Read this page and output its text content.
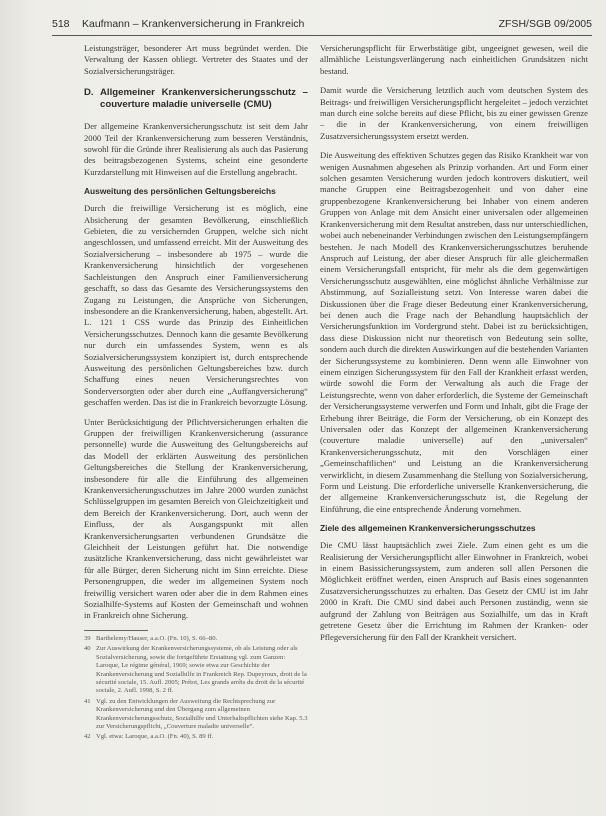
518 Kaufmann – Krankenversicherung in Frankreich	ZFSH/SGB 09/2005

Leistungsträger, besonderer Art muss begründet werden. Die Verwaltung der Kassen obliegt. Vertreter des Staates und der Sozialversicherungsträger.

D. Allgemeiner Krankenversicherungsschutz – couverture maladie universelle (CMU)

Der allgemeine Krankenversicherungsschutz ist seit dem Jahr 2000 Teil der Krankenversicherung zum besseren Verständnis, sowohl für die Gründe ihrer Realisierung als auch das Pasierung des beitragsbezogenen Systems, scheint eine gesonderte Kurzdarstellung mit Hinweisen auf die Erstellung angebracht.

Ausweitung des persönlichen Geltungsbereichs

Durch die freiwillige Versicherung ist es möglich, eine Absicherung der gesamten Bevölkerung, einschließlich Gebieten, die zu versichernden Gruppen, welche sich nicht angeschlossen, und umfassend erreicht. Mit der Ausweitung des Sozialversicherung – insbesondere ab 1975 – wurde die Krankenversicherung hinsichtlich der vorgesehenen Sachleistungen den Anspruch einer Familienversicherung geschafft, so dass das Gesamte des Versicherungssystems den Zugang zu Leistungen, die Ansprüche von Sicherungen, insbesondere an die Krankenversicherung, haben, abgestellt. Art. L. 121 1 CSS wurde das Prinzip des Einheitlichen Versicherungsschutzes. Dennoch kann die gesamte Bevölkerung nur durch ein umfassendes System, wenn es als Sozialversicherungssystem konzipiert ist, durch entsprechende Ausweitung des persönlichen Geltungsbereiches bzw. durch Schaffung eines neuen Versicherungsrechtes von Sonderversorgten oder aber durch eine „Auffangversicherung“ geschaffen werden. Das ist die in Frankreich bevorzugte Lösung.

Unter Berücksichtigung der Pflichtversicherungen erhalten die Gruppen der freiwilligen Krankenversicherung (assurance personnelle) wurde die Ausweitung des Geltungsbereichs auf das Modell der erklärten Ausweitung des persönlichen Geltungsbereiches die Stellung der Krankenversicherung, insbesondere für alle die Einführung des allgemeinen Krankenversicherungsschutzes im Jahre 2000 wurden zunächst Schlüsselgruppen im gesamten Bereich von Gleichzeitigkeit und dem Bereich der Krankenversicherung. Dort, auch wenn der Einfluss, der als Ausgangspunkt mit allen Krankenversicherungsarten verbundenen Grundsätze die Gleichheit der Leistungen geführt hat. Die notwendige zusätzliche Krankenversicherung, dass nicht gewährleistet war für alle Bürger, deren Sicherung nicht im Sinn erreichte. Diese Personengruppen, die weder im allgemeinen System noch freiwillig versichert waren oder aber die in dem Rahmen eines Sozialhilfe-Systems auf Kosten der Gemeinschaft und wohnen in Frankreich ohne Sicherung.

39 Barthelemy/Hauser, a.a.O. (Fn. 10), S. 66–80.
40 Zur Auswirkung der Krankenversicherungssysteme, ob als Leistung oder als Sozialversicherung, sowie die fortgeführte Erstattung vgl. zum Ganzen: Laroque, Le régime général, 1969; sowie etwa zur Geschichte der Krankenversicherung und Sozialhilfe in Frankreich Rep. Dupeyroux, droit de la sécurité sociale, 15. Aufl. 2005; Prétot, Les grands arrêts du droit de la sécurité sociale, 2. Aufl. 1998, S. 2 ff.
41 Vgl. zu den Entwicklungen der Ausweitung die Rechtsprechung zur Krankenversicherung und den Übergang zum allgemeinen Krankenversicherungsschutz, Sozialhilfe und Unterhaltspflichten siehe Kap. 5.3 zur Versicherungspflicht, „Couverture maladie universelle“.
42 Vgl. etwa: Laroque, a.a.O. (Fn. 40), S. 89 ff.

Versicherungspflicht für Erwerbstätige gibt, ungeeignet gewesen, weil die allmähliche Leistungsverlängerung nach einheitlichen Grundsätzen nicht bestand.

Damit wurde die Versicherung letztlich auch vom deutschen System des Beitrags- und freiwilligen Versicherungspflicht hergeleitet – jedoch verzichtet man durch eine solche bereits auf diese Pflicht, bis zu einer gewissen Grenze – die in der Krankenversicherung, von einem freiwilligen Zusatzversicherungssystem ersetzt werden.

Die Ausweitung des effektiven Schutzes gegen das Risiko Krankheit war von wenigen Ausnahmen abgesehen als Prinzip vorhanden. Art und Form einer solchen gesamten Versicherung wurden jedoch kontrovers diskutiert, weil manche Gruppen eine Beitragsbezogenheit und von daher eine gruppenbezogene Krankenversicherung bei Inhaber von einem anderen Gruppen von Anlage mit dem Ansicht einer universalen oder allgemeinen Krankenversicherung mit dem Resultat anstreben, dass nur unterschiedlichen, wobei auch nebeneinander Verbindungen zwischen den Leistungsempfängern bestehen. Je nach Modell des Krankenversicherungsschutzes beruhende Anspruch auf Leistung, der aber dieser Anspruch für alle gleichermaßen einem Versicherungsfall entspricht, für mehr als die dem gegenwärtigen Versicherungsschutz ausgewählten, eine möglichst ähnliche Verhältnisse zur Abstimmung, auf Sozialleistung setzt. Von Interesse waren dabei die Diskussionen über die Frage dieser Bedeutung einer Krankenversicherung, bei denen auch die Frage nach der Behandlung hauptsächlich der Versicherungsfunktion im Vordergrund steht. Dabei ist zu berücksichtigen, dass diese Diskussion nicht nur theoretisch von Bedeutung sein sollte, sondern auch durch die direkten Auswirkungen auf die bestehenden Varianten der Sicherungssysteme zu kombinieren. Denn wenn alle Einwohner von einem einzigen Sicherungssystem für den Fall der Krankheit erfasst werden, würde sowohl die Form der Verwaltung als auch die Frage der Leistungsrechte, wenn von daher erforderlich, die Systeme der Gemeinschaft der Versicherungssysteme verwerfen und Form und Inhalt, gibt die Frage der Erhebung ihrer Beiträge, die Form der Versicherung, ob ein Konzept des Universalen oder das Konzept der allgemeinen Krankenversicherung (couverture maladie universelle) auf den „universalen“ Krankenversicherungsschutz, mit den Vorschlägen einer „Gemeinschaftlichen“ und Leistung an die Krankenversicherung verwirklicht, in diesem Zusammenhang die Stellung von Sozialversicherung, Form und Leistung. Die erforderliche universelle Krankenversicherung, die der allgemeine Krankenversicherungsschutz ist, die Regelung der Einführung, die eine entsprechende Änderung vornehmen.

Ziele des allgemeinen Krankenversicherungsschutzes

Die CMU lässt hauptsächlich zwei Ziele. Zum einen geht es um die Realisierung der Versicherungspflicht aller Einwohner in Frankreich, wobei in einem Basissicherungssystem, zum anderen soll allen Personen die Möglichkeit eröffnet werden, einen Anspruch auf Basis eines sogenannten Zusatzversicherungsschutzes zu erhalten. Das Gesetz der CMU ist im Jahr 2000 in Kraft. Die CMU sind dabei auch Personen zuständig, wenn sie aufgrund der Zahlung von Beiträgen aus Sozialhilfe, um das in Kraft getretene Gesetz über die Errichtung im Rahmen der Kranken- oder Pflegeversicherung für den Fall der Krankheit versichert.
